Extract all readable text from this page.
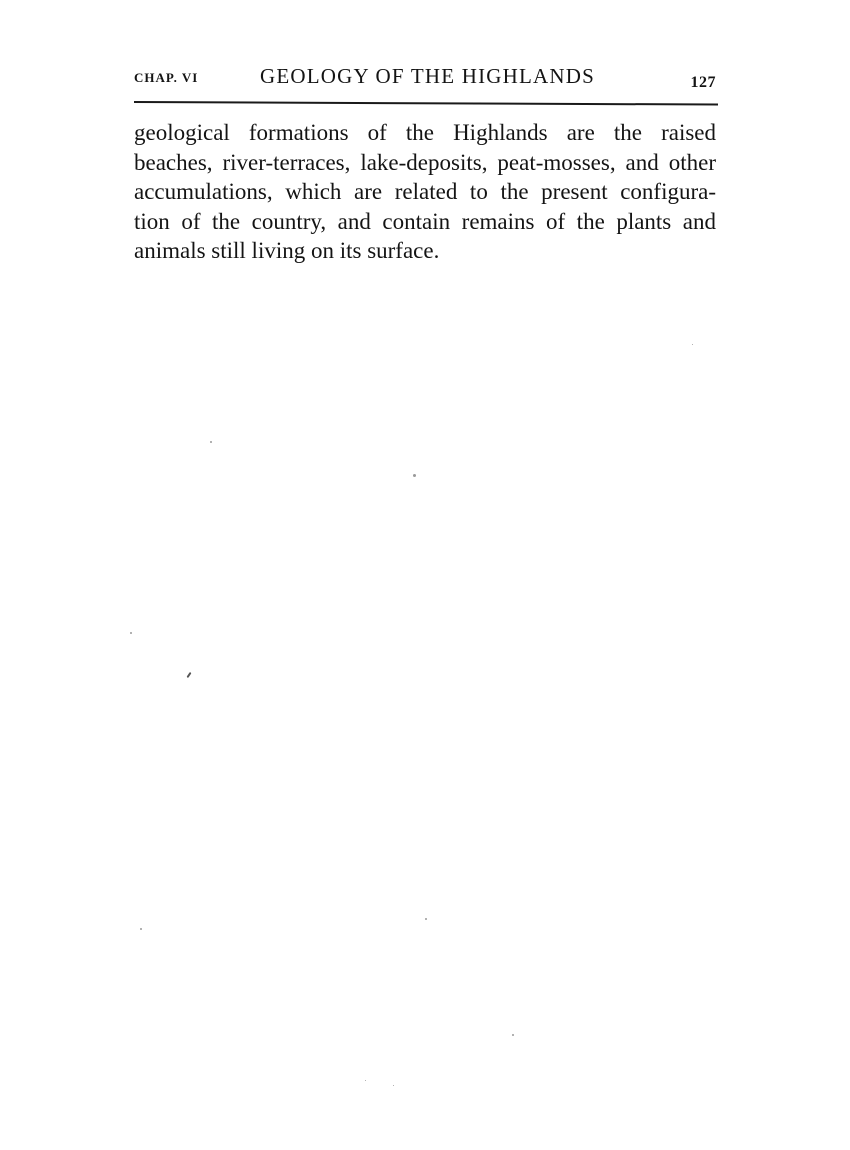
CHAP. VI	GEOLOGY OF THE HIGHLANDS	127
geological formations of the Highlands are the raised
beaches, river-terraces, lake-deposits, peat-mosses, and other
accumulations, which are related to the present configura-
tion of the country, and contain remains of the plants and
animals still living on its surface.
